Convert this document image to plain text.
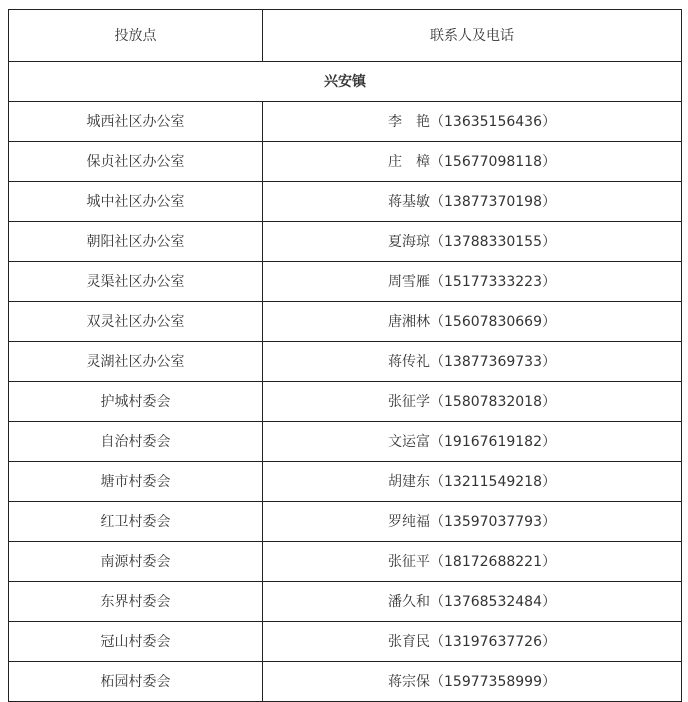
投放点	联系人及电话
兴安镇	
城西社区办公室	李　艳（13635156436）
保贞社区办公室	庄　樟（15677098118）
城中社区办公室	蒋基敏（13877370198）
朝阳社区办公室	夏海琼（13788330155）
灵渠社区办公室	周雪雁（15177333223）
双灵社区办公室	唐湘林（15607830669）
灵湖社区办公室	蒋传礼（13877369733）
护城村委会	张征学（15807832018）
自治村委会	文运富（19167619182）
塘市村委会	胡建东（13211549218）
红卫村委会	罗纯福（13597037793）
南源村委会	张征平（18172688221）
东界村委会	潘久和（13768532484）
冠山村委会	张育民（13197637726）
柘园村委会	蒋宗保（15977358999）
